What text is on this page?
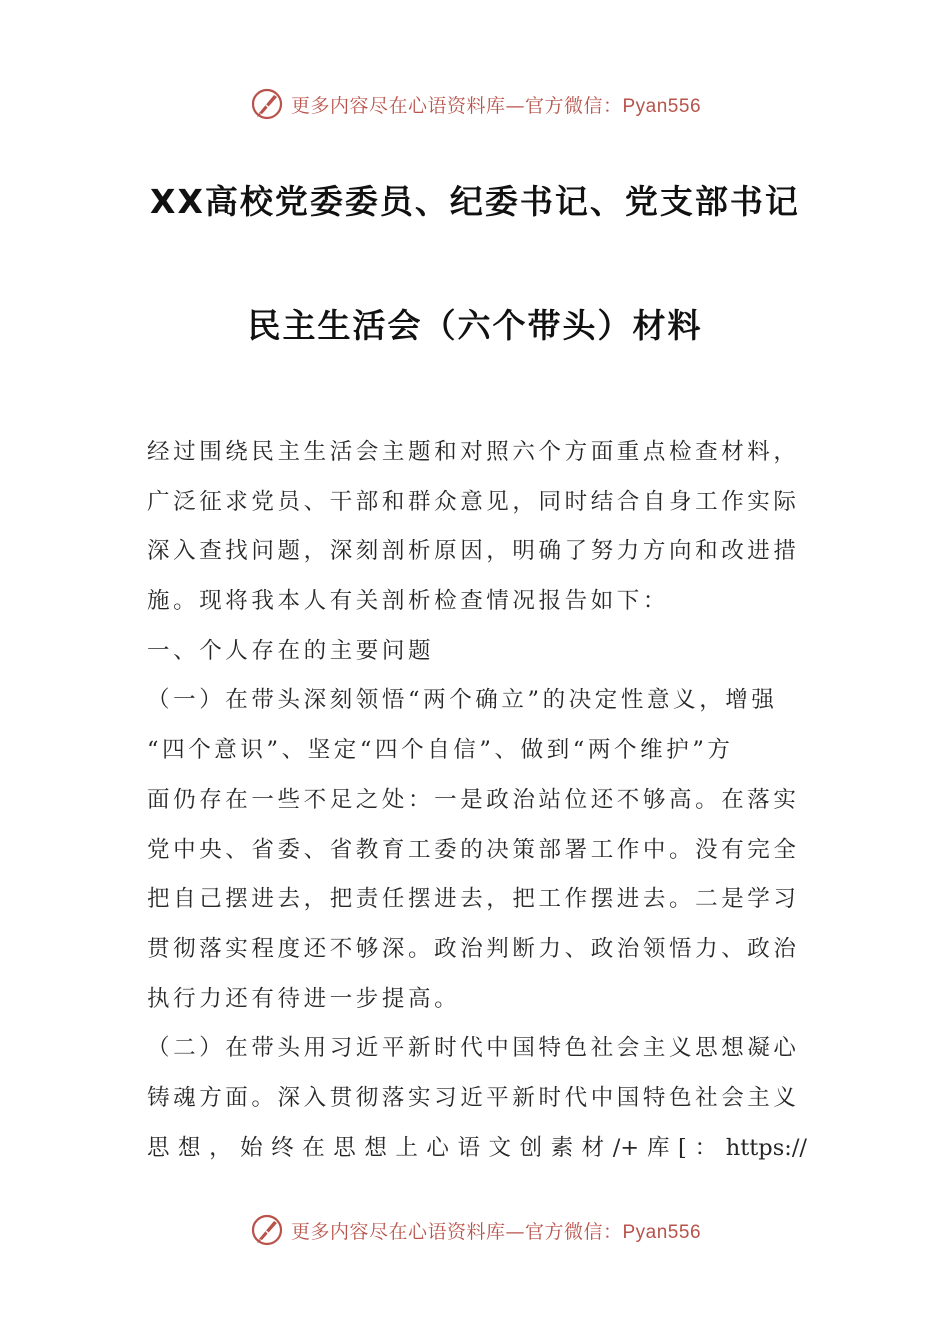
更多内容尽在心语资料库—官方微信：Pyan556
XX高校党委委员、纪委书记、党支部书记
民主生活会（六个带头）材料
经过围绕民主生活会主题和对照六个方面重点检查材料，
广泛征求党员、干部和群众意见，同时结合自身工作实际
深入查找问题，深刻剖析原因，明确了努力方向和改进措
施。现将我本人有关剖析检查情况报告如下：
一、个人存在的主要问题
（一）在带头深刻领悟“两个确立”的决定性意义，增强
“四个意识”、坚定“四个自信”、做到“两个维护”方
面仍存在一些不足之处：一是政治站位还不够高。在落实
党中央、省委、省教育工委的决策部署工作中。没有完全
把自己摆进去，把责任摆进去，把工作摆进去。二是学习
贯彻落实程度还不够深。政治判断力、政治领悟力、政治
执行力还有待进一步提高。
（二）在带头用习近平新时代中国特色社会主义思想凝心
铸魂方面。深入贯彻落实习近平新时代中国特色社会主义
思 想 ， 始 终 在 思 想 上 心 语 文 创 素 材 /+ 库 [ ： https://
更多内容尽在心语资料库—官方微信：Pyan556
